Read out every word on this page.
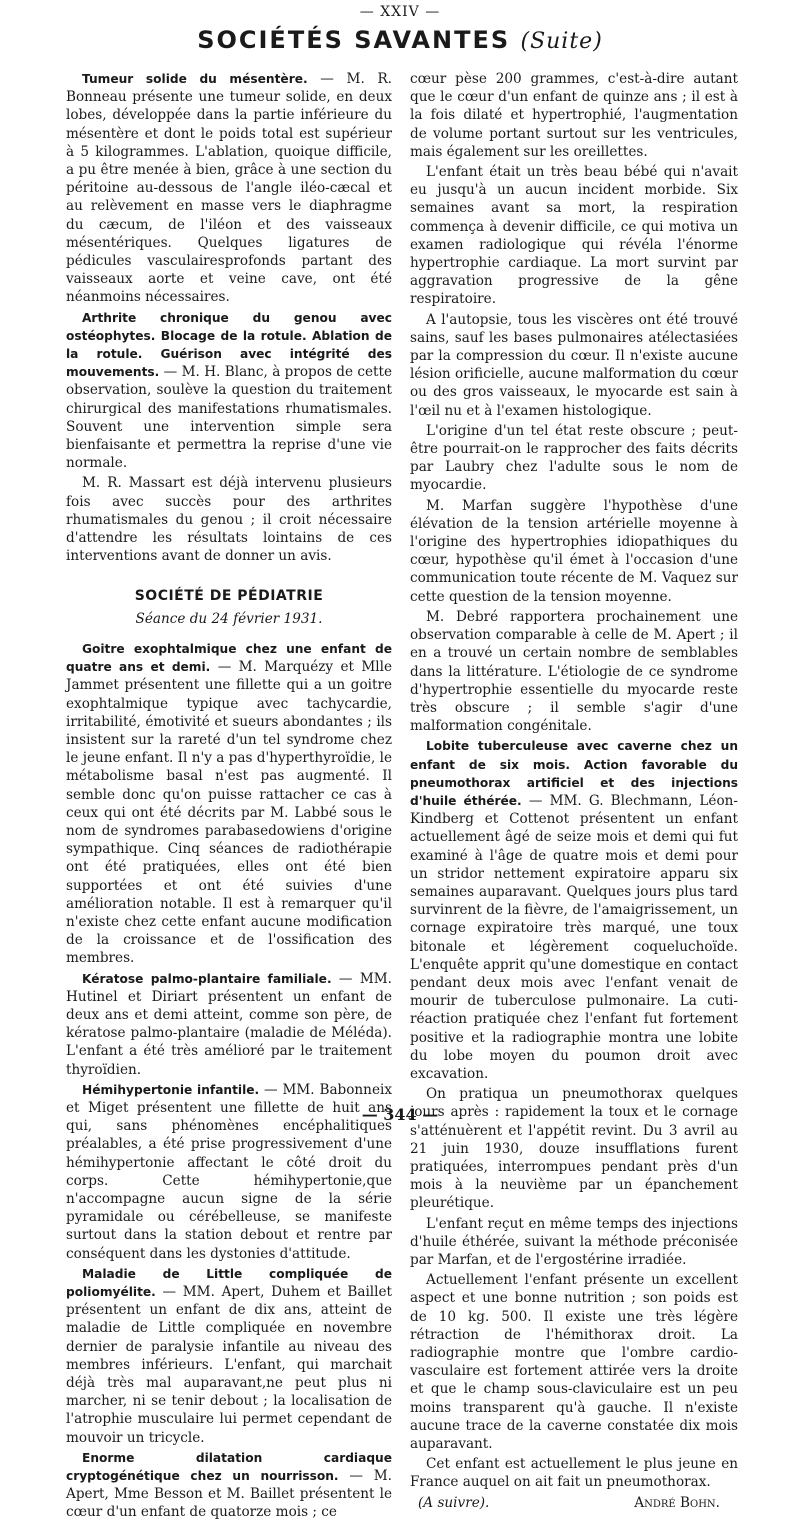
— XXIV —
SOCIÉTÉS SAVANTES (Suite)

Tumeur solide du mésentère. — M. R. Bonneau présente une tumeur solide, en deux lobes, développée dans la partie inférieure du mésentère et dont le poids total est supérieur à 5 kilogrammes. L'ablation, quoique difficile, a pu être menée à bien, grâce à une section du péritoine au-dessous de l'angle iléo-cæcal et au relèvement en masse vers le diaphragme du cæcum, de l'iléon et des vaisseaux mésentériques. Quelques ligatures de pédicules vasculairesprofonds partant des vaisseaux aorte et veine cave, ont été néanmoins nécessaires.

Arthrite chronique du genou avec ostéophytes. Blocage de la rotule. Ablation de la rotule. Guérison avec intégrité des mouvements. — M. H. Blanc, à propos de cette observation, soulève la question du traitement chirurgical des manifestations rhumatismales. Souvent une intervention simple sera bienfaisante et permettra la reprise d'une vie normale.

M. R. Massart est déjà intervenu plusieurs fois avec succès pour des arthrites rhumatismales du genou ; il croit nécessaire d'attendre les résultats lointains de ces interventions avant de donner un avis.

SOCIÉTÉ DE PÉDIATRIE
Séance du 24 février 1931.

Goitre exophtalmique chez une enfant de quatre ans et demi. — M. Marquézy et Mlle Jammet présentent une fillette qui a un goitre exophtalmique typique avec tachycardie, irritabilité, émotivité et sueurs abondantes ; ils insistent sur la rareté d'un tel syndrome chez le jeune enfant. Il n'y a pas d'hyperthyroïdie, le métabolisme basal n'est pas augmenté. Il semble donc qu'on puisse rattacher ce cas à ceux qui ont été décrits par M. Labbé sous le nom de syndromes parabasedowiens d'origine sympathique. Cinq séances de radiothérapie ont été pratiquées, elles ont été bien supportées et ont été suivies d'une amélioration notable. Il est à remarquer qu'il n'existe chez cette enfant aucune modification de la croissance et de l'ossification des membres.

Kératose palmo-plantaire familiale. — MM. Hutinel et Diriart présentent un enfant de deux ans et demi atteint, comme son père, de kératose palmo-plantaire (maladie de Méléda). L'enfant a été très amélioré par le traitement thyroïdien.

Hémihypertonie infantile. — MM. Babonneix et Miget présentent une fillette de huit ans qui, sans phénomènes encéphalitiques préalables, a été prise progressivement d'une hémihypertonie affectant le côté droit du corps. Cette hémihypertonie,que n'accompagne aucun signe de la série pyramidale ou cérébelleuse, se manifeste surtout dans la station debout et rentre par conséquent dans les dystonies d'attitude.

Maladie de Little compliquée de poliomyélite. — MM. Apert, Duhem et Baillet présentent un enfant de dix ans, atteint de maladie de Little compliquée en novembre dernier de paralysie infantile au niveau des membres inférieurs. L'enfant, qui marchait déjà très mal auparavant,ne peut plus ni marcher, ni se tenir debout ; la localisation de l'atrophie musculaire lui permet cependant de mouvoir un tricycle.

Enorme dilatation cardiaque cryptogénétique chez un nourrisson. — M. Apert, Mme Besson et M. Baillet présentent le cœur d'un enfant de quatorze mois ; ce

cœur pèse 200 grammes, c'est-à-dire autant que le cœur d'un enfant de quinze ans ; il est à la fois dilaté et hypertrophié, l'augmentation de volume portant surtout sur les ventricules, mais également sur les oreillettes.

L'enfant était un très beau bébé qui n'avait eu jusqu'à un aucun incident morbide. Six semaines avant sa mort, la respiration commença à devenir difficile, ce qui motiva un examen radiologique qui révéla l'énorme hypertrophie cardiaque. La mort survint par aggravation progressive de la gêne respiratoire.

A l'autopsie, tous les viscères ont été trouvé sains, sauf les bases pulmonaires atélectasiées par la compression du cœur. Il n'existe aucune lésion orificielle, aucune malformation du cœur ou des gros vaisseaux, le myocarde est sain à l'œil nu et à l'examen histologique.

L'origine d'un tel état reste obscure ; peut-être pourrait-on le rapprocher des faits décrits par Laubry chez l'adulte sous le nom de myocardie.

M. Marfan suggère l'hypothèse d'une élévation de la tension artérielle moyenne à l'origine des hypertrophies idiopathiques du cœur, hypothèse qu'il émet à l'occasion d'une communication toute récente de M. Vaquez sur cette question de la tension moyenne.

M. Debré rapportera prochainement une observation comparable à celle de M. Apert ; il en a trouvé un certain nombre de semblables dans la littérature. L'étiologie de ce syndrome d'hypertrophie essentielle du myocarde reste très obscure ; il semble s'agir d'une malformation congénitale.

Lobite tuberculeuse avec caverne chez un enfant de six mois. Action favorable du pneumothorax artificiel et des injections d'huile éthérée. — MM. G. Blechmann, Léon-Kindberg et Cottenot présentent un enfant actuellement âgé de seize mois et demi qui fut examiné à l'âge de quatre mois et demi pour un stridor nettement expiratoire apparu six semaines auparavant. Quelques jours plus tard survinrent de la fièvre, de l'amaigrissement, un cornage expiratoire très marqué, une toux bitonale et légèrement coqueluchoïde. L'enquête apprit qu'une domestique en contact pendant deux mois avec l'enfant venait de mourir de tuberculose pulmonaire. La cuti-réaction pratiquée chez l'enfant fut fortement positive et la radiographie montra une lobite du lobe moyen du poumon droit avec excavation.

On pratiqua un pneumothorax quelques jours après : rapidement la toux et le cornage s'atténuèrent et l'appétit revint. Du 3 avril au 21 juin 1930, douze insufflations furent pratiquées, interrompues pendant près d'un mois à la neuvième par un épanchement pleurétique.

L'enfant reçut en même temps des injections d'huile éthérée, suivant la méthode préconisée par Marfan, et de l'ergostérine irradiée.

Actuellement l'enfant présente un excellent aspect et une bonne nutrition ; son poids est de 10 kg. 500. Il existe une très légère rétraction de l'hémithorax droit. La radiographie montre que l'ombre cardio-vasculaire est fortement attirée vers la droite et que le champ sous-claviculaire est un peu moins transparent qu'à gauche. Il n'existe aucune trace de la caverne constatée dix mois auparavant.

Cet enfant est actuellement le plus jeune en France auquel on ait fait un pneumothorax.

(A suivre).	André Bohn.
— 344 —
